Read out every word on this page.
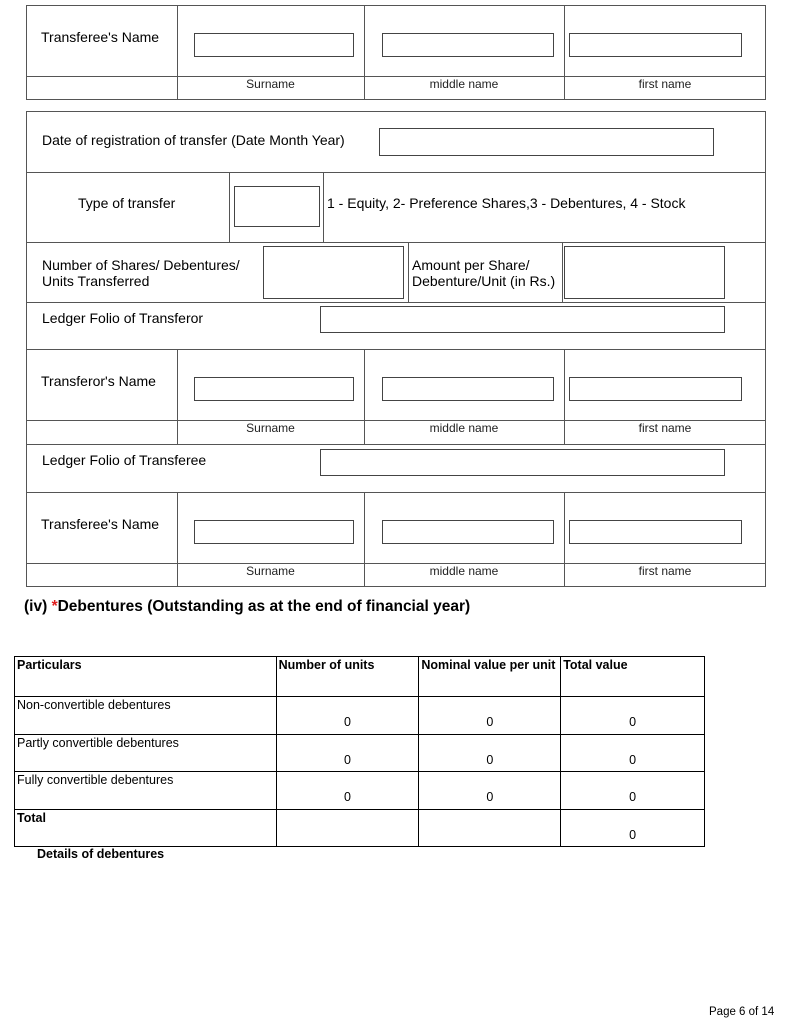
Transferee's Name
Surname	middle name	first name
Date of registration of transfer (Date Month Year)
Type of transfer	1 - Equity, 2- Preference Shares,3 - Debentures, 4 - Stock
Number of Shares/ Debentures/
Units Transferred
Amount per Share/
Debenture/Unit (in Rs.)
Ledger Folio of Transferor
Transferor's Name
Surname	middle name	first name
Ledger Folio of Transferee
Transferee's Name
Surname	middle name	first name
(iv) *Debentures (Outstanding as at the end of financial year)
Particulars	Number of units	Nominal value per unit	Total value
Non-convertible debentures	0	0	0
Partly convertible debentures	0	0	0
Fully convertible debentures	0	0	0
Total			0
Details of debentures
Page 6 of 14
